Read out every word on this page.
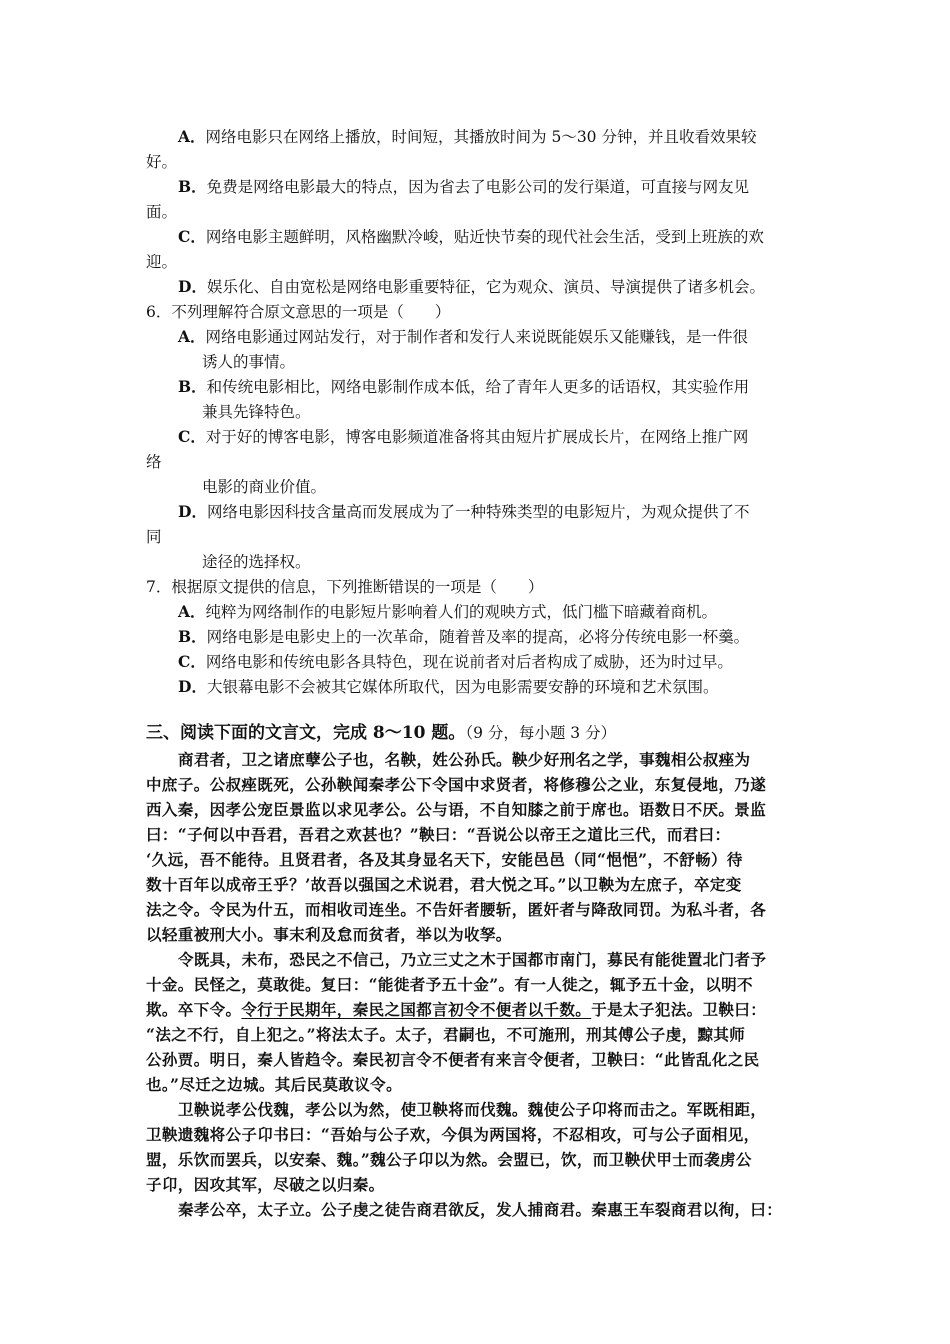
A．网络电影只在网络上播放，时间短，其播放时间为 5～30 分钟，并且收看效果较
好。
B．免费是网络电影最大的特点，因为省去了电影公司的发行渠道，可直接与网友见
面。
C．网络电影主题鲜明，风格幽默冷峻，贴近快节奏的现代社会生活，受到上班族的欢
迎。
D．娱乐化、自由宽松是网络电影重要特征，它为观众、演员、导演提供了诸多机会。
6．不列理解符合原文意思的一项是（　　）
A．网络电影通过网站发行，对于制作者和发行人来说既能娱乐又能赚钱，是一件很
诱人的事情。
B．和传统电影相比，网络电影制作成本低，给了青年人更多的话语权，其实验作用
兼具先锋特色。
C．对于好的博客电影，博客电影频道准备将其由短片扩展成长片，在网络上推广网
络
电影的商业价值。
D．网络电影因科技含量高而发展成为了一种特殊类型的电影短片，为观众提供了不
同
途径的选择权。
7．根据原文提供的信息，下列推断错误的一项是（　　）
A．纯粹为网络制作的电影短片影响着人们的观映方式，低门槛下暗藏着商机。
B．网络电影是电影史上的一次革命，随着普及率的提高，必将分传统电影一杯羹。
C．网络电影和传统电影各具特色，现在说前者对后者构成了威胁，还为时过早。
D．大银幕电影不会被其它媒体所取代，因为电影需要安静的环境和艺术氛围。
三、阅读下面的文言文，完成 8～10 题。（9 分，每小题 3 分）
商君者，卫之诸庶孽公子也，名鞅，姓公孙氏。鞅少好刑名之学，事魏相公叔痤为
中庶子。公叔痤既死，公孙鞅闻秦孝公下令国中求贤者，将修穆公之业，东复侵地，乃遂
西入秦，因孝公宠臣景监以求见孝公。公与语，不自知膝之前于席也。语数日不厌。景监
曰：“子何以中吾君，吾君之欢甚也？”鞅曰：“吾说公以帝王之道比三代，而君曰：
‘久远，吾不能待。且贤君者，各及其身显名天下，安能邑邑（同“悒悒”，不舒畅）待
数十百年以成帝王乎？’故吾以强国之术说君，君大悦之耳。”以卫鞅为左庶子，卒定变
法之令。令民为什五，而相收司连坐。不告奸者腰斩，匿奸者与降敌同罚。为私斗者，各
以轻重被刑大小。事末利及怠而贫者，举以为收孥。
令既具，未布，恐民之不信己，乃立三丈之木于国都市南门，募民有能徙置北门者予
十金。民怪之，莫敢徙。复曰：“能徙者予五十金”。有一人徙之，辄予五十金，以明不
欺。卒下令。令行于民期年，秦民之国都言初令不便者以千数。于是太子犯法。卫鞅曰：
“法之不行，自上犯之。”将法太子。太子，君嗣也，不可施刑，刑其傅公子虔，黥其师
公孙贾。明日，秦人皆趋令。秦民初言令不便者有来言令便者，卫鞅曰：“此皆乱化之民
也。”尽迁之边城。其后民莫敢议令。
卫鞅说孝公伐魏，孝公以为然，使卫鞅将而伐魏。魏使公子卬将而击之。军既相距，
卫鞅遗魏将公子卬书曰：“吾始与公子欢，今俱为两国将，不忍相攻，可与公子面相见，
盟，乐饮而罢兵，以安秦、魏。”魏公子卬以为然。会盟已，饮，而卫鞅伏甲士而袭虏公
子卬，因攻其军，尽破之以归秦。
秦孝公卒，太子立。公子虔之徒告商君欲反，发人捕商君。秦惠王车裂商君以徇，曰：
